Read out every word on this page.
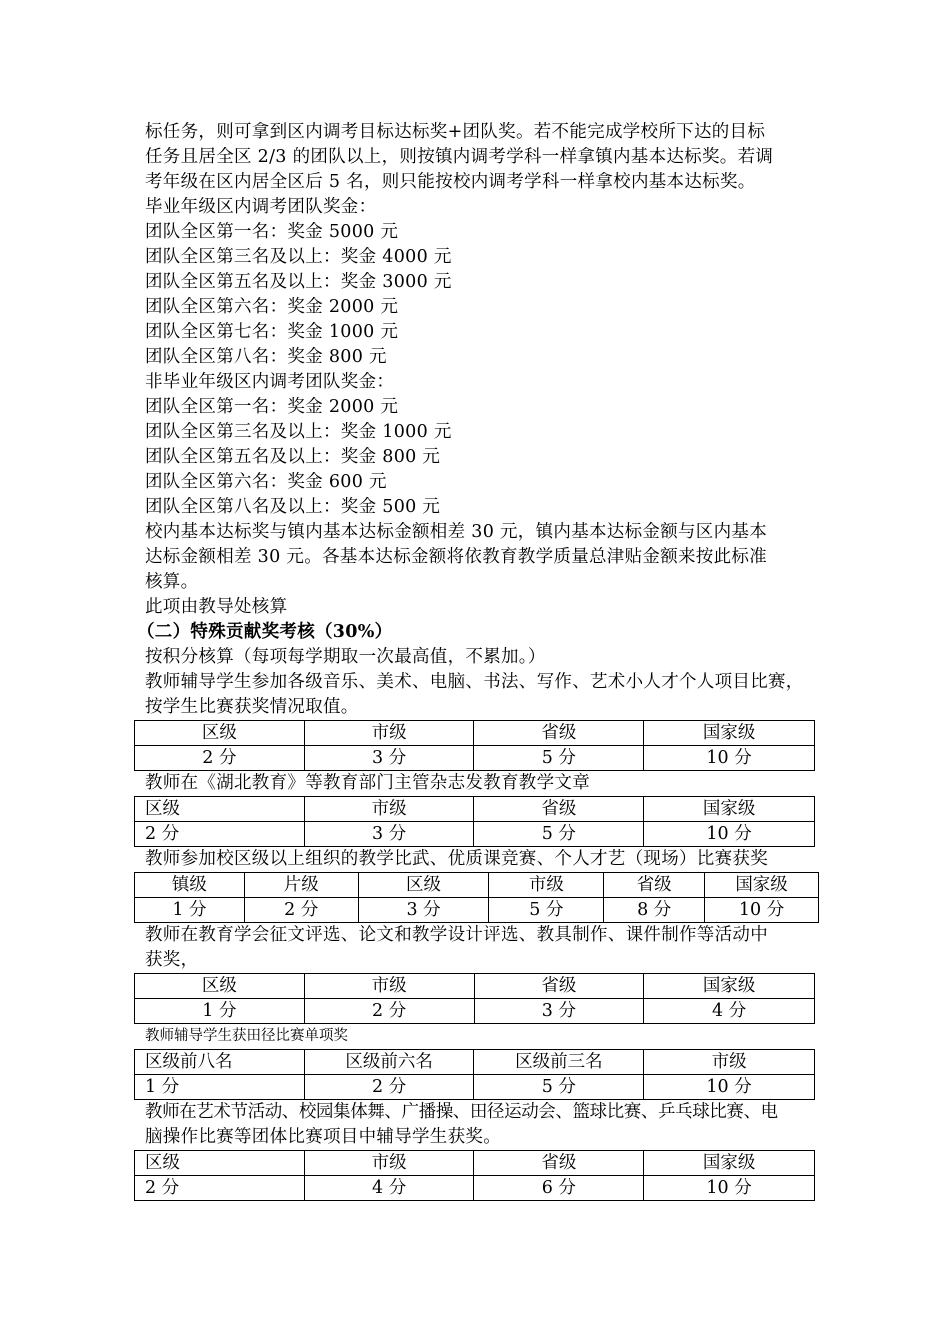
标任务，则可拿到区内调考目标达标奖+团队奖。若不能完成学校所下达的目标
任务且居全区 2/3 的团队以上，则按镇内调考学科一样拿镇内基本达标奖。若调
考年级在区内居全区后 5 名，则只能按校内调考学科一样拿校内基本达标奖。

毕业年级区内调考团队奖金：

团队全区第一名：奖金 5000 元

团队全区第三名及以上：奖金 4000 元

团队全区第五名及以上：奖金 3000 元

团队全区第六名：奖金 2000 元

团队全区第七名：奖金 1000 元

团队全区第八名：奖金 800 元

非毕业年级区内调考团队奖金：

团队全区第一名：奖金 2000 元

团队全区第三名及以上：奖金 1000 元

团队全区第五名及以上：奖金 800 元

团队全区第六名：奖金 600 元

团队全区第八名及以上：奖金 500 元

校内基本达标奖与镇内基本达标金额相差 30 元，镇内基本达标金额与区内基本
达标金额相差 30 元。各基本达标金额将依教育教学质量总津贴金额来按此标准
核算。

此项由教导处核算

（二）特殊贡献奖考核（30%）

按积分核算（每项每学期取一次最高值，不累加。）

教师辅导学生参加各级音乐、美术、电脑、书法、写作、艺术小人才个人项目比赛，
按学生比赛获奖情况取值。

区级	市级	省级	国家级
2 分	3 分	5 分	10 分

教师在《湖北教育》等教育部门主管杂志发教育教学文章

区级	市级	省级	国家级
2 分	3 分	5 分	10 分

教师参加校区级以上组织的教学比武、优质课竞赛、个人才艺（现场）比赛获奖

镇级	片级	区级	市级	省级	国家级
1 分	2 分	3 分	5 分	8 分	10 分

教师在教育学会征文评选、论文和教学设计评选、教具制作、课件制作等活动中
获奖，

区级	市级	省级	国家级
1 分	2 分	3 分	4 分

教师辅导学生获田径比赛单项奖

区级前八名	区级前六名	区级前三名	市级
1 分	2 分	5 分	10 分

教师在艺术节活动、校园集体舞、广播操、田径运动会、篮球比赛、乒乓球比赛、电
脑操作比赛等团体比赛项目中辅导学生获奖。

区级	市级	省级	国家级
2 分	4 分	6 分	10 分
